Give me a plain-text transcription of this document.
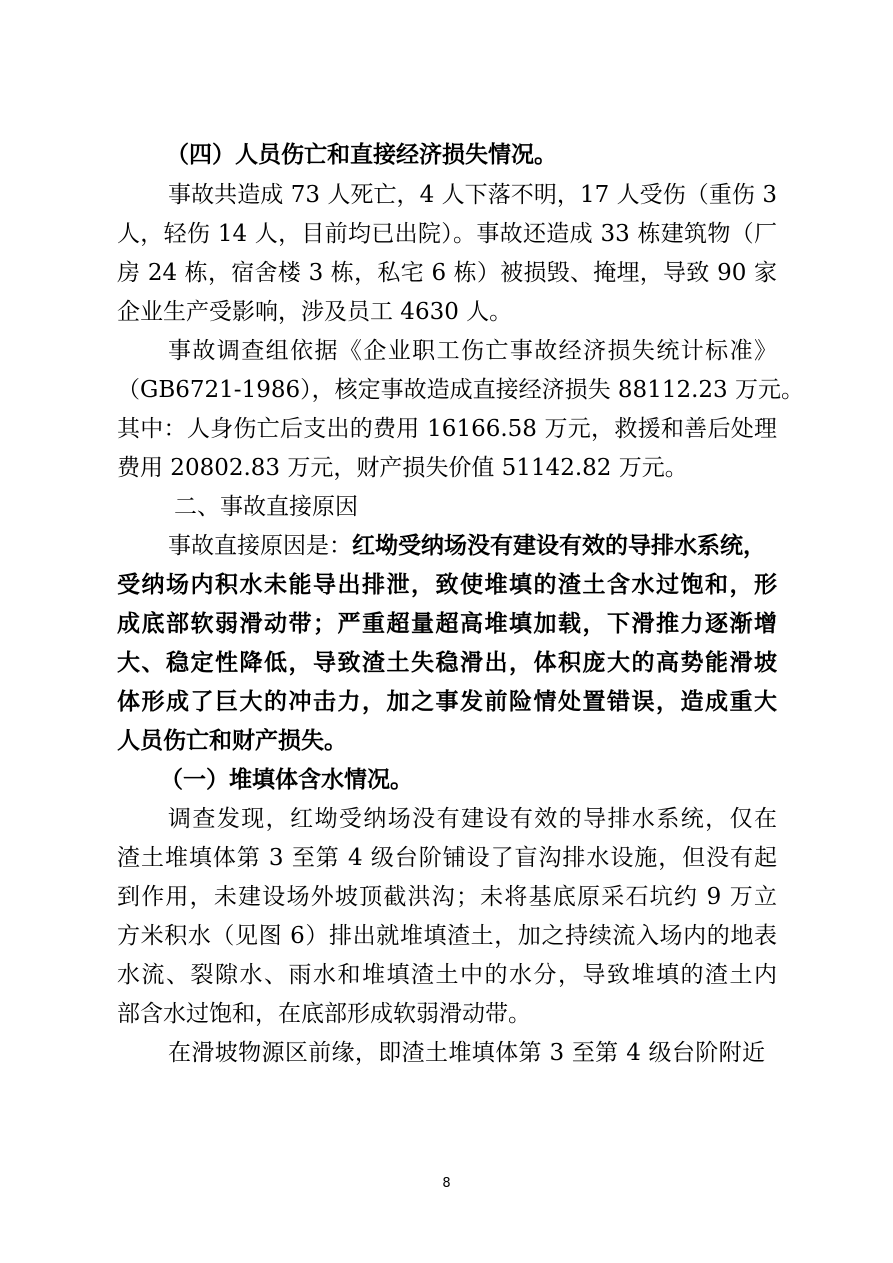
（四）人员伤亡和直接经济损失情况。
事故共造成 73 人死亡，4 人下落不明，17 人受伤（重伤 3
人，轻伤 14 人，目前均已出院）。事故还造成 33 栋建筑物（厂
房 24 栋，宿舍楼 3 栋，私宅 6 栋）被损毁、掩埋，导致 90 家
企业生产受影响，涉及员工 4630 人。
事故调查组依据《企业职工伤亡事故经济损失统计标准》
（GB6721-1986），核定事故造成直接经济损失 88112.23 万元。
其中：人身伤亡后支出的费用 16166.58 万元，救援和善后处理
费用 20802.83 万元，财产损失价值 51142.82 万元。
二、事故直接原因
事故直接原因是：红坳受纳场没有建设有效的导排水系统，
受纳场内积水未能导出排泄，致使堆填的渣土含水过饱和，形
成底部软弱滑动带；严重超量超高堆填加载，下滑推力逐渐增
大、稳定性降低，导致渣土失稳滑出，体积庞大的高势能滑坡
体形成了巨大的冲击力，加之事发前险情处置错误，造成重大
人员伤亡和财产损失。
（一）堆填体含水情况。
调查发现，红坳受纳场没有建设有效的导排水系统，仅在
渣土堆填体第 3 至第 4 级台阶铺设了盲沟排水设施，但没有起
到作用，未建设场外坡顶截洪沟；未将基底原采石坑约 9 万立
方米积水（见图 6）排出就堆填渣土，加之持续流入场内的地表
水流、裂隙水、雨水和堆填渣土中的水分，导致堆填的渣土内
部含水过饱和，在底部形成软弱滑动带。
在滑坡物源区前缘，即渣土堆填体第 3 至第 4 级台阶附近
8
